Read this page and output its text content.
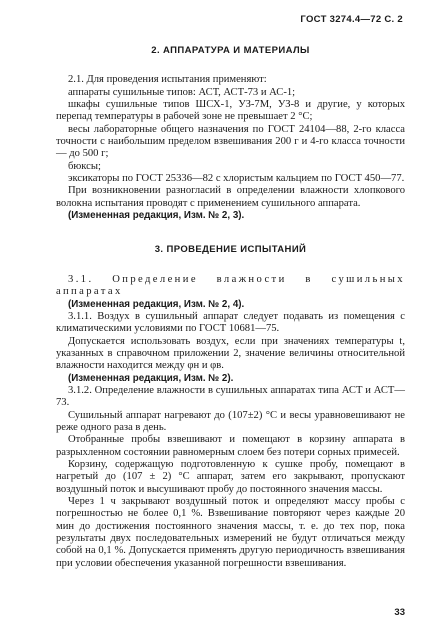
ГОСТ 3274.4—72 С. 2
2. АППАРАТУРА И МАТЕРИАЛЫ

2.1. Для проведения испытания применяют:

аппараты сушильные типов: АСТ, АСТ-73 и АС-1;

шкафы сушильные типов ШСХ-1, УЗ-7М, УЗ-8 и другие, у которых перепад температуры в рабочей зоне не превышает 2 °С;

весы лабораторные общего назначения по ГОСТ 24104—88, 2-го класса точности с наибольшим пределом взвешивания 200 г и 4-го класса точности — до 500 г;

бюксы;

эксикаторы по ГОСТ 25336—82 с хлористым кальцием по ГОСТ 450—77.

При возникновении разногласий в определении влажности хлопкового волокна испытания проводят с применением сушильного аппарата.

(Измененная редакция, Изм. № 2, 3).

3. ПРОВЕДЕНИЕ ИСПЫТАНИЙ

3.1. Определение влажности в сушильных аппаратах

(Измененная редакция, Изм. № 2, 4).

3.1.1. Воздух в сушильный аппарат следует подавать из помещения с климатическими условиями по ГОСТ 10681—75.

Допускается использовать воздух, если при значениях температуры t, указанных в справочном приложении 2, значение величины относительной влажности находится между φн и φв.

(Измененная редакция, Изм. № 2).

3.1.2. Определение влажности в сушильных аппаратах типа АСТ и АСТ—73.

Сушильный аппарат нагревают до (107±2) °С и весы уравновешивают не реже одного раза в день.

Отобранные пробы взвешивают и помещают в корзину аппарата в разрыхленном состоянии равномерным слоем без потери сорных примесей.

Корзину, содержащую подготовленную к сушке пробу, помещают в нагретый до (107 ± 2) °С аппарат, затем его закрывают, пропускают воздушный поток и высушивают пробу до постоянного значения массы.

Через 1 ч закрывают воздушный поток и определяют массу пробы с погрешностью не более 0,1 %. Взвешивание повторяют через каждые 20 мин до достижения постоянного значения массы, т. е. до тех пор, пока результаты двух последовательных измерений не будут отличаться между собой на 0,1 %. Допускается применять другую периодичность взвешивания при условии обеспечения указанной погрешности взвешивания.

33
